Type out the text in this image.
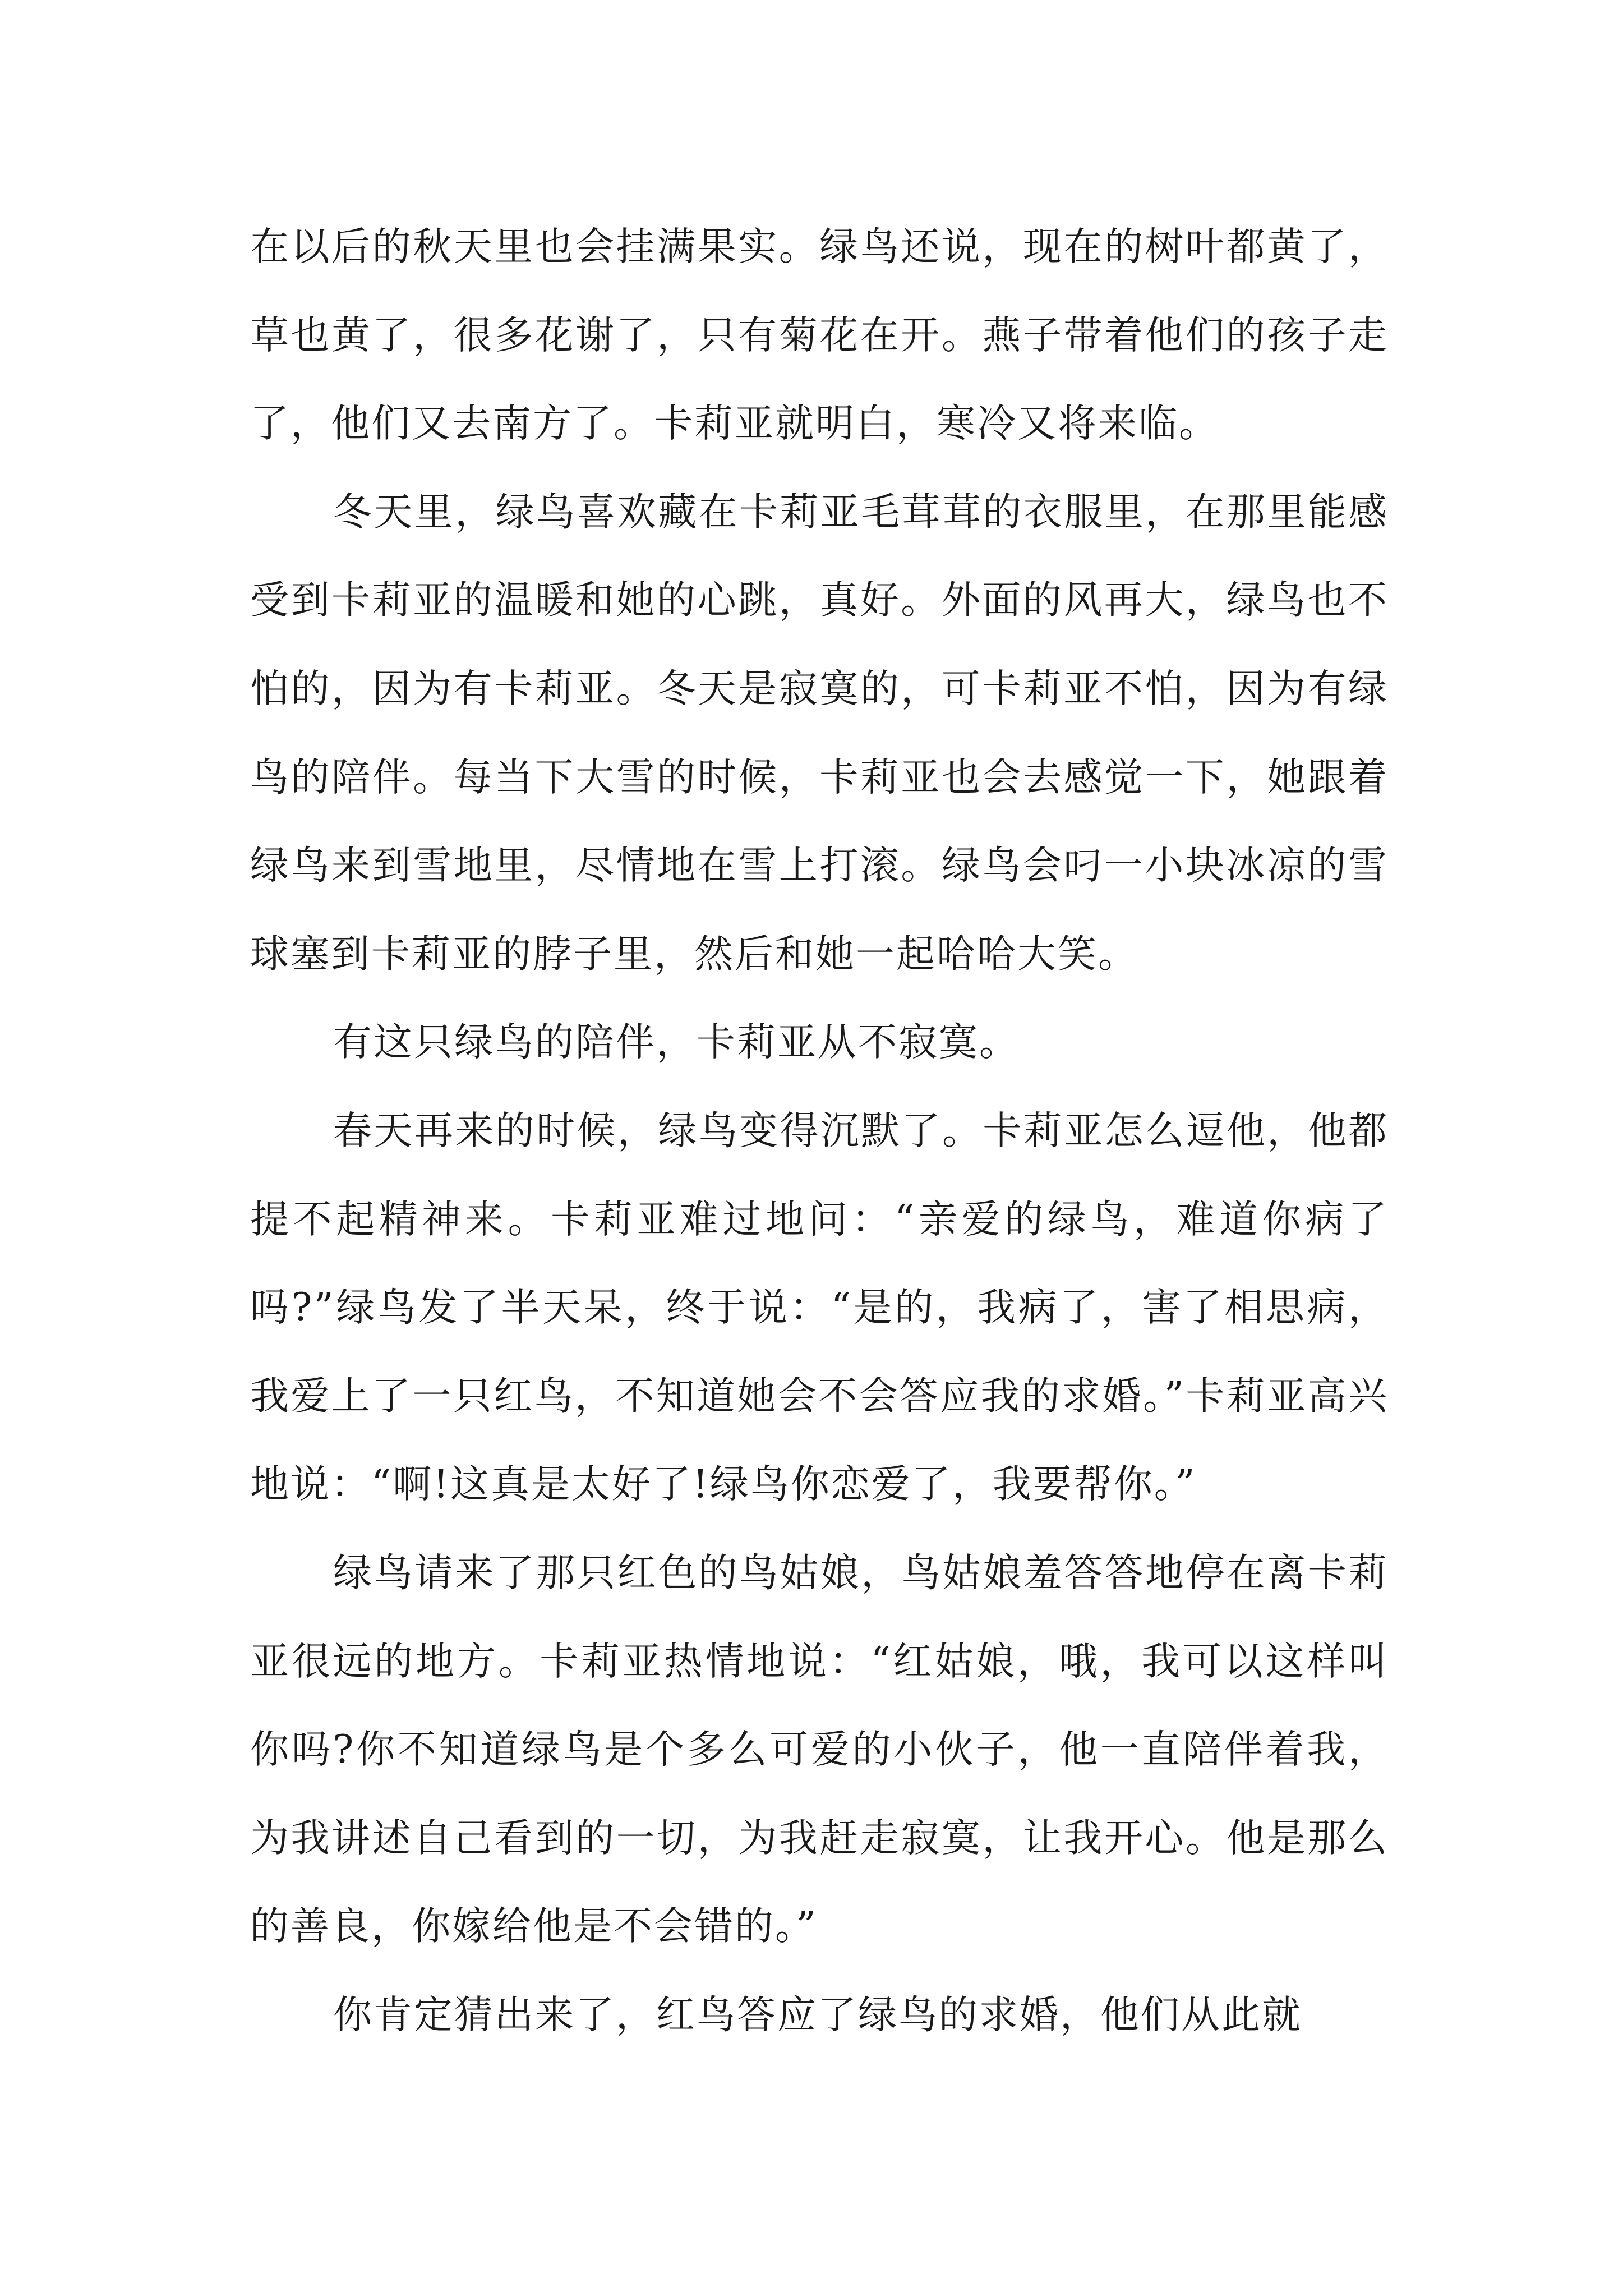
在以后的秋天里也会挂满果实。绿鸟还说，现在的树叶都黄了，草也黄了，很多花谢了，只有菊花在开。燕子带着他们的孩子走了，他们又去南方了。卡莉亚就明白，寒冷又将来临。

冬天里，绿鸟喜欢藏在卡莉亚毛茸茸的衣服里，在那里能感受到卡莉亚的温暖和她的心跳，真好。外面的风再大，绿鸟也不怕的，因为有卡莉亚。冬天是寂寞的，可卡莉亚不怕，因为有绿鸟的陪伴。每当下大雪的时候，卡莉亚也会去感觉一下，她跟着绿鸟来到雪地里，尽情地在雪上打滚。绿鸟会叼一小块冰凉的雪球塞到卡莉亚的脖子里，然后和她一起哈哈大笑。

有这只绿鸟的陪伴，卡莉亚从不寂寞。

春天再来的时候，绿鸟变得沉默了。卡莉亚怎么逗他，他都提不起精神来。卡莉亚难过地问：“亲爱的绿鸟，难道你病了吗?”绿鸟发了半天呆，终于说：“是的，我病了，害了相思病，我爱上了一只红鸟，不知道她会不会答应我的求婚。”卡莉亚高兴地说：“啊!这真是太好了!绿鸟你恋爱了，我要帮你。”

绿鸟请来了那只红色的鸟姑娘，鸟姑娘羞答答地停在离卡莉亚很远的地方。卡莉亚热情地说：“红姑娘，哦，我可以这样叫你吗?你不知道绿鸟是个多么可爱的小伙子，他一直陪伴着我，为我讲述自己看到的一切，为我赶走寂寞，让我开心。他是那么的善良，你嫁给他是不会错的。”

你肯定猜出来了，红鸟答应了绿鸟的求婚，他们从此就
